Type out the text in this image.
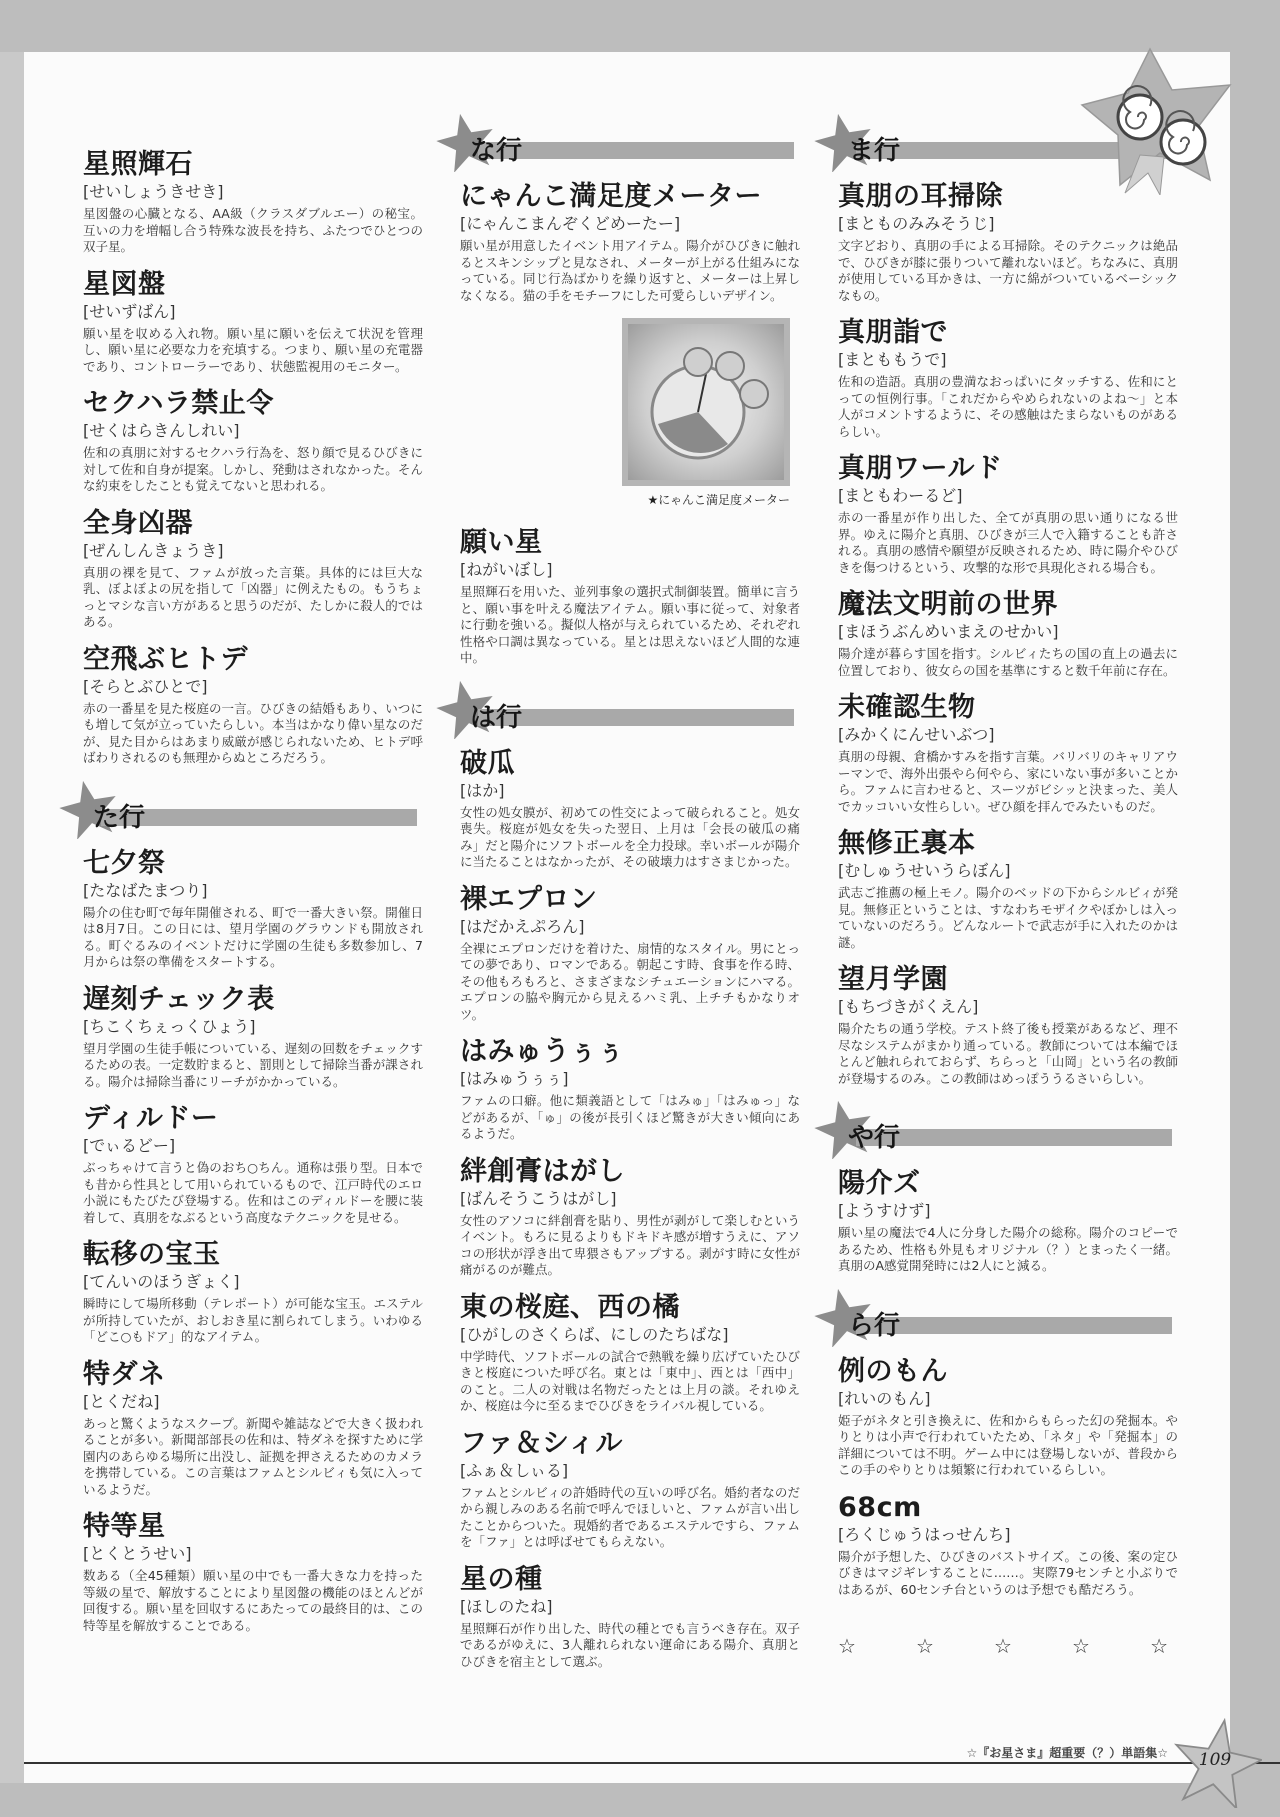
星照輝石
[せいしょうきせき]

星図盤の心臓となる、AA級（クラスダブルエー）の秘宝。互いの力を増幅し合う特殊な波長を持ち、ふたつでひとつの双子星。

星図盤
[せいずばん]

願い星を収める入れ物。願い星に願いを伝えて状況を管理し、願い星に必要な力を充填する。つまり、願い星の充電器であり、コントローラーであり、状態監視用のモニター。

セクハラ禁止令
[せくはらきんしれい]

佐和の真朋に対するセクハラ行為を、怒り顔で見るひびきに対して佐和自身が提案。しかし、発動はされなかった。そんな約束をしたことも覚えてないと思われる。

全身凶器
[ぜんしんきょうき]

真朋の裸を見て、ファムが放った言葉。具体的には巨大な乳、ぼよぼよの尻を指して「凶器」に例えたもの。もうちょっとマシな言い方があると思うのだが、たしかに殺人的ではある。

空飛ぶヒトデ
[そらとぶひとで]

赤の一番星を見た桜庭の一言。ひびきの結婚もあり、いつにも増して気が立っていたらしい。本当はかなり偉い星なのだが、見た目からはあまり威厳が感じられないため、ヒトデ呼ばわりされるのも無理からぬところだろう。

た行
七夕祭
[たなばたまつり]

陽介の住む町で毎年開催される、町で一番大きい祭。開催日は8月7日。この日には、望月学園のグラウンドも開放される。町ぐるみのイベントだけに学園の生徒も多数参加し、7月からは祭の準備をスタートする。

遅刻チェック表
[ちこくちぇっくひょう]

望月学園の生徒手帳についている、遅刻の回数をチェックするための表。一定数貯まると、罰則として掃除当番が課される。陽介は掃除当番にリーチがかかっている。

ディルドー
[でぃるどー]

ぶっちゃけて言うと偽のおち○ちん。通称は張り型。日本でも昔から性具として用いられているもので、江戸時代のエロ小説にもたびたび登場する。佐和はこのディルドーを腰に装着して、真朋をなぶるという高度なテクニックを見せる。

転移の宝玉
[てんいのほうぎょく]

瞬時にして場所移動（テレポート）が可能な宝玉。エステルが所持していたが、おしおき星に割られてしまう。いわゆる「どこ○もドア」的なアイテム。

特ダネ
[とくだね]

あっと驚くようなスクープ。新聞や雑誌などで大きく扱われることが多い。新聞部部長の佐和は、特ダネを探すために学園内のあらゆる場所に出没し、証拠を押さえるためのカメラを携帯している。この言葉はファムとシルビィも気に入っているようだ。

特等星
[とくとうせい]

数ある（全45種類）願い星の中でも一番大きな力を持った等級の星で、解放することにより星図盤の機能のほとんどが回復する。願い星を回収するにあたっての最終目的は、この特等星を解放することである。

な行
にゃんこ満足度メーター
[にゃんこまんぞくどめーたー]

願い星が用意したイベント用アイテム。陽介がひびきに触れるとスキンシップと見なされ、メーターが上がる仕組みになっている。同じ行為ばかりを繰り返すと、メーターは上昇しなくなる。猫の手をモチーフにした可愛らしいデザイン。

★にゃんこ満足度メーター
願い星
[ねがいぼし]

星照輝石を用いた、並列事象の選択式制御装置。簡単に言うと、願い事を叶える魔法アイテム。願い事に従って、対象者に行動を強いる。擬似人格が与えられているため、それぞれ性格や口調は異なっている。星とは思えないほど人間的な連中。

は行
破瓜
[はか]

女性の処女膜が、初めての性交によって破られること。処女喪失。桜庭が処女を失った翌日、上月は「会長の破瓜の痛み」だと陽介にソフトボールを全力投球。幸いボールが陽介に当たることはなかったが、その破壊力はすさまじかった。

裸エプロン
[はだかえぷろん]

全裸にエプロンだけを着けた、扇情的なスタイル。男にとっての夢であり、ロマンである。朝起こす時、食事を作る時、その他もろもろと、さまざまなシチュエーションにハマる。エプロンの脇や胸元から見えるハミ乳、上チチもかなりオツ。

はみゅうぅぅ
[はみゅうぅぅ]

ファムの口癖。他に類義語として「はみゅ」「はみゅっ」などがあるが、「ゅ」の後が長引くほど驚きが大きい傾向にあるようだ。

絆創膏はがし
[ばんそうこうはがし]

女性のアソコに絆創膏を貼り、男性が剥がして楽しむというイベント。もろに見るよりもドキドキ感が増すうえに、アソコの形状が浮き出て卑猥さもアップする。剥がす時に女性が痛がるのが難点。

東の桜庭、西の橘
[ひがしのさくらば、にしのたちばな]

中学時代、ソフトボールの試合で熱戦を繰り広げていたひびきと桜庭についた呼び名。東とは「東中」、西とは「西中」のこと。二人の対戦は名物だったとは上月の談。それゆえか、桜庭は今に至るまでひびきをライバル視している。

ファ＆シィル
[ふぁ＆しぃる]

ファムとシルビィの許婚時代の互いの呼び名。婚約者なのだから親しみのある名前で呼んでほしいと、ファムが言い出したことからついた。現婚約者であるエステルですら、ファムを「ファ」とは呼ばせてもらえない。

星の種
[ほしのたね]

星照輝石が作り出した、時代の種とでも言うべき存在。双子であるがゆえに、3人離れられない運命にある陽介、真朋とひびきを宿主として選ぶ。

ま行
真朋の耳掃除
[まとものみみそうじ]

文字どおり、真朋の手による耳掃除。そのテクニックは絶品で、ひびきが膝に張りついて離れないほど。ちなみに、真朋が使用している耳かきは、一方に綿がついているベーシックなもの。

真朋詣で
[まとももうで]

佐和の造語。真朋の豊満なおっぱいにタッチする、佐和にとっての恒例行事。「これだからやめられないのよね～」と本人がコメントするように、その感触はたまらないものがあるらしい。

真朋ワールド
[まともわーるど]

赤の一番星が作り出した、全てが真朋の思い通りになる世界。ゆえに陽介と真朋、ひびきが三人で入籍することも許される。真朋の感情や願望が反映されるため、時に陽介やひびきを傷つけるという、攻撃的な形で具現化される場合も。

魔法文明前の世界
[まほうぶんめいまえのせかい]

陽介達が暮らす国を指す。シルビィたちの国の直上の過去に位置しており、彼女らの国を基準にすると数千年前に存在。

未確認生物
[みかくにんせいぶつ]

真朋の母親、倉橋かすみを指す言葉。バリバリのキャリアウーマンで、海外出張やら何やら、家にいない事が多いことから。ファムに言わせると、スーツがビシッと決まった、美人でカッコいい女性らしい。ぜひ顔を拝んでみたいものだ。

無修正裏本
[むしゅうせいうらぼん]

武志ご推薦の極上モノ。陽介のベッドの下からシルビィが発見。無修正ということは、すなわちモザイクやぼかしは入っていないのだろう。どんなルートで武志が手に入れたのかは謎。

望月学園
[もちづきがくえん]

陽介たちの通う学校。テスト終了後も授業があるなど、理不尽なシステムがまかり通っている。教師については本編でほとんど触れられておらず、ちらっと「山岡」という名の教師が登場するのみ。この教師はめっぽううるさいらしい。

や行
陽介ズ
[ようすけず]

願い星の魔法で4人に分身した陽介の総称。陽介のコピーであるため、性格も外見もオリジナル（？）とまったく一緒。真朋のA感覚開発時には2人にと減る。

ら行
例のもん
[れいのもん]

姫子がネタと引き換えに、佐和からもらった幻の発掘本。やりとりは小声で行われていたため、「ネタ」や「発掘本」の詳細については不明。ゲーム中には登場しないが、普段からこの手のやりとりは頻繁に行われているらしい。

68cm
[ろくじゅうはっせんち]

陽介が予想した、ひびきのバストサイズ。この後、案の定ひびきはマジギレすることに……。実際79センチと小ぶりではあるが、60センチ台というのは予想でも酷だろう。

☆	☆	☆	☆	☆
☆『お星さま』超重要（？）単語集☆	109
